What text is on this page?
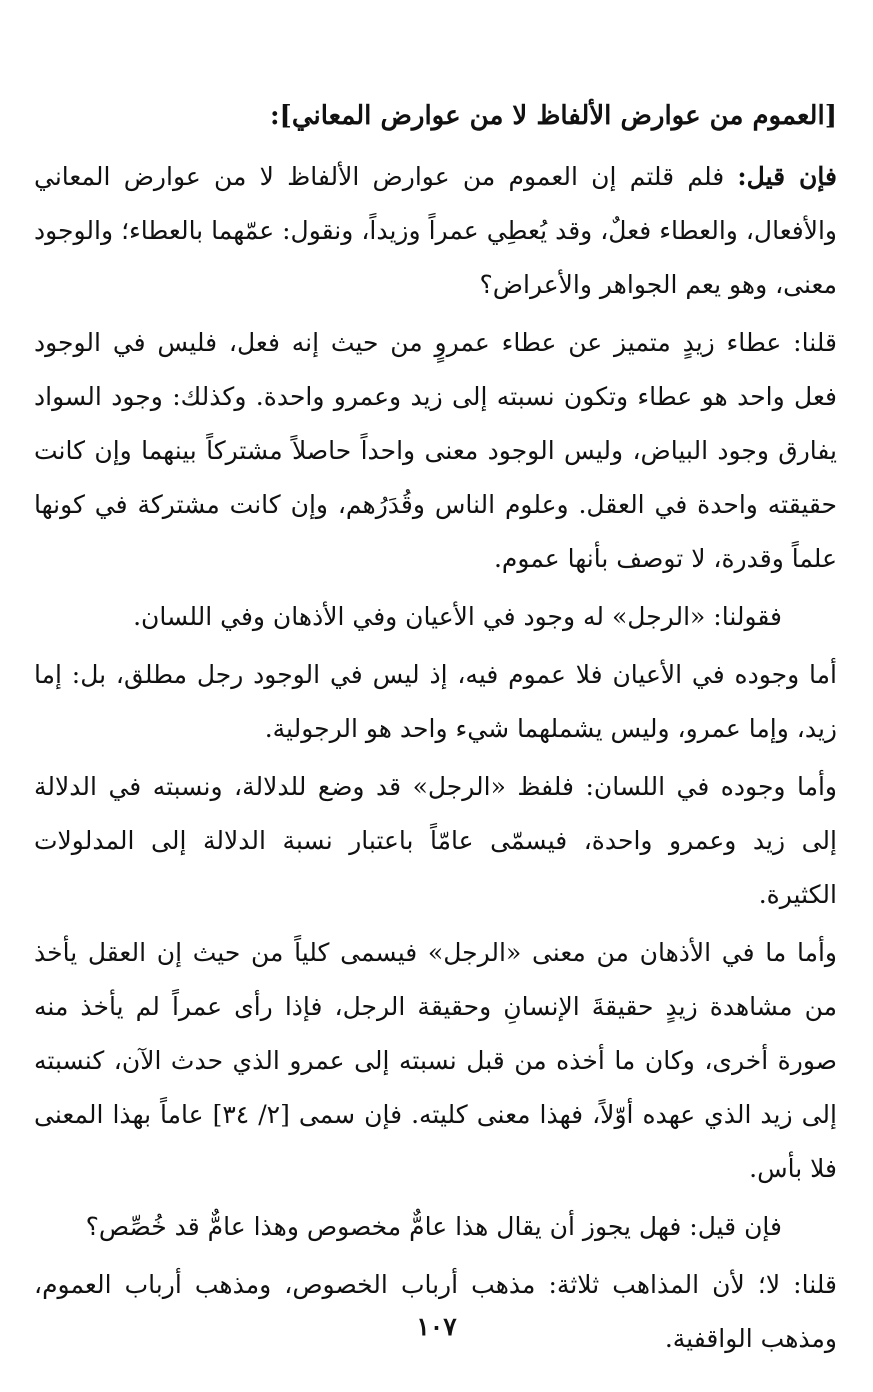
[العموم من عوارض الألفاظ لا من عوارض المعاني]:

فإن قيل: فلم قلتم إن العموم من عوارض الألفاظ لا من عوارض المعاني والأفعال، والعطاء فعلٌ، وقد يُعطِي عمراً وزيداً، ونقول: عمّهما بالعطاء؛ والوجود معنى، وهو يعم الجواهر والأعراض؟

قلنا: عطاء زيدٍ متميز عن عطاء عمروٍ من حيث إنه فعل، فليس في الوجود فعل واحد هو عطاء وتكون نسبته إلى زيد وعمرو واحدة. وكذلك: وجود السواد يفارق وجود البياض، وليس الوجود معنى واحداً حاصلاً مشتركاً بينهما وإن كانت حقيقته واحدة في العقل. وعلوم الناس وقُدَرُهم، وإن كانت مشتركة في كونها علماً وقدرة، لا توصف بأنها عموم.

فقولنا: «الرجل» له وجود في الأعيان وفي الأذهان وفي اللسان.

أما وجوده في الأعيان فلا عموم فيه، إذ ليس في الوجود رجل مطلق، بل: إما زيد، وإما عمرو، وليس يشملهما شيء واحد هو الرجولية.

وأما وجوده في اللسان: فلفظ «الرجل» قد وضع للدلالة، ونسبته في الدلالة إلى زيد وعمرو واحدة، فيسمّى عامّاً باعتبار نسبة الدلالة إلى المدلولات الكثيرة.

وأما ما في الأذهان من معنى «الرجل» فيسمى كلياً من حيث إن العقل يأخذ من مشاهدة زيدٍ حقيقةَ الإنسانِ وحقيقة الرجل، فإذا رأى عمراً لم يأخذ منه صورة أخرى، وكان ما أخذه من قبل نسبته إلى عمرو الذي حدث الآن، كنسبته إلى زيد الذي عهده أوّلاً، فهذا معنى كليته. فإن سمى [٢/ ٣٤] عاماً بهذا المعنى فلا بأس.

فإن قيل: فهل يجوز أن يقال هذا عامٌّ مخصوص وهذا عامٌّ قد خُصِّص؟

قلنا: لا؛ لأن المذاهب ثلاثة: مذهب أرباب الخصوص، ومذهب أرباب العموم، ومذهب الواقفية.

١٠٧
